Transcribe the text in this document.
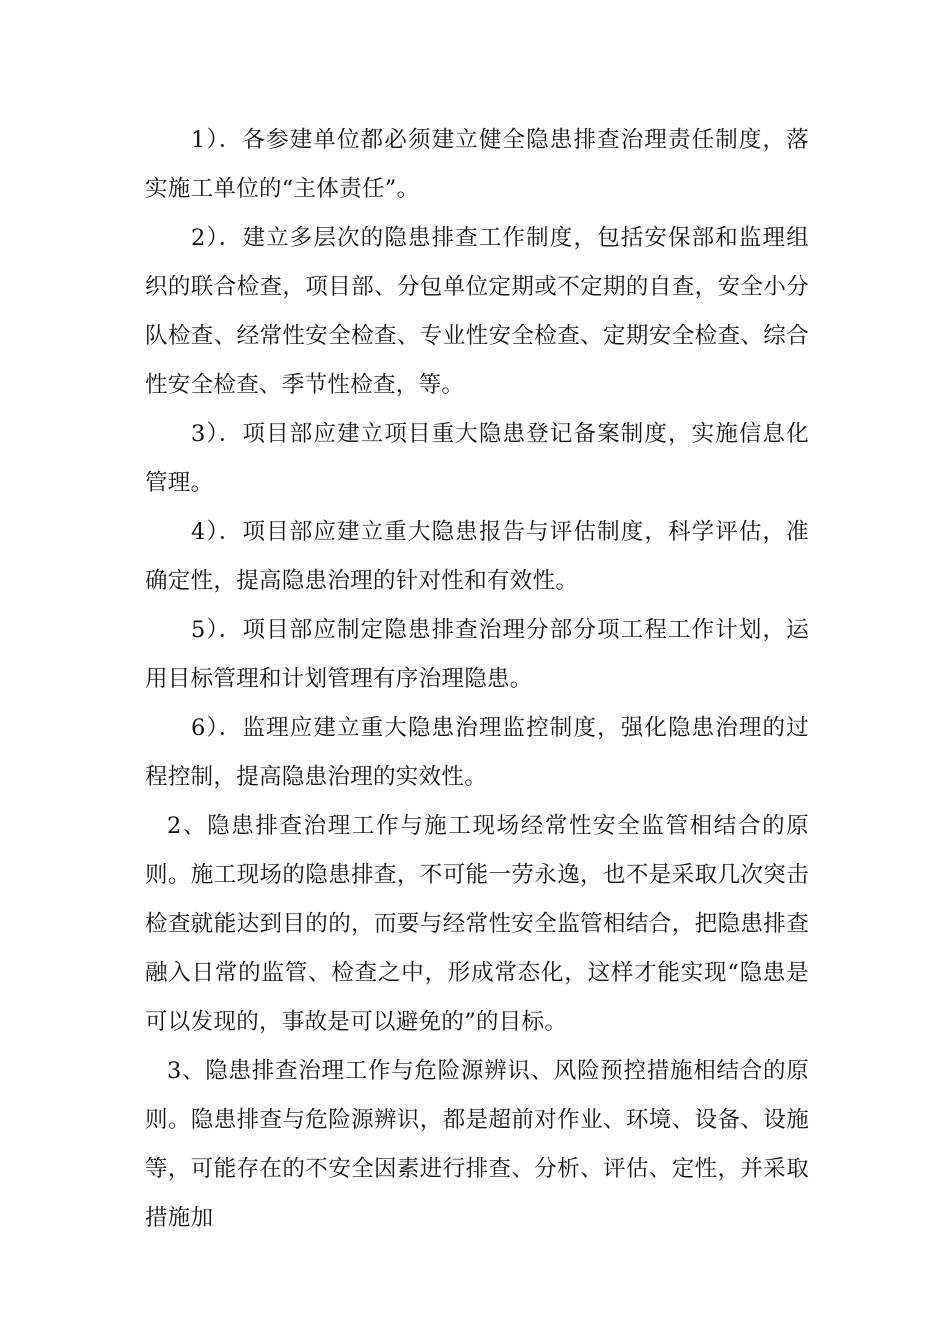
1）．各参建单位都必须建立健全隐患排查治理责任制度，落实施工单位的“主体责任”。

2）．建立多层次的隐患排查工作制度，包括安保部和监理组织的联合检查，项目部、分包单位定期或不定期的自查，安全小分队检查、经常性安全检查、专业性安全检查、定期安全检查、综合性安全检查、季节性检查，等。

3）．项目部应建立项目重大隐患登记备案制度，实施信息化管理。

4）．项目部应建立重大隐患报告与评估制度，科学评估，准确定性，提高隐患治理的针对性和有效性。

5）．项目部应制定隐患排查治理分部分项工程工作计划，运用目标管理和计划管理有序治理隐患。

6）．监理应建立重大隐患治理监控制度，强化隐患治理的过程控制，提高隐患治理的实效性。

2、隐患排查治理工作与施工现场经常性安全监管相结合的原则。施工现场的隐患排查，不可能一劳永逸，也不是采取几次突击检查就能达到目的的，而要与经常性安全监管相结合，把隐患排查融入日常的监管、检查之中，形成常态化，这样才能实现“隐患是可以发现的，事故是可以避免的”的目标。

3、隐患排查治理工作与危险源辨识、风险预控措施相结合的原则。隐患排查与危险源辨识，都是超前对作业、环境、设备、设施等，可能存在的不安全因素进行排查、分析、评估、定性，并采取措施加
